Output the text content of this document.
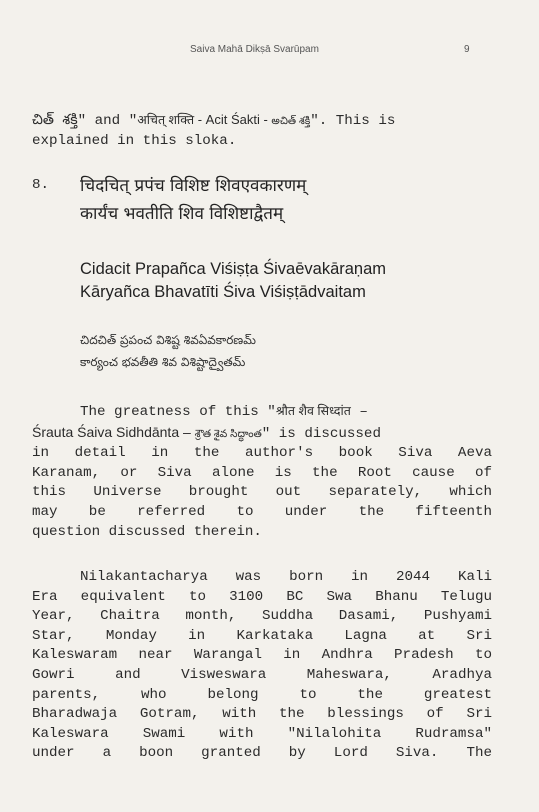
Saiva Mahā Dikṣā Svarūpam	9
చిత్ శక్తి" and "अचित् शक्ति - Acit Śakti - అచిత్ శక్తి". This is
explained in this sloka.
8. चिदचित् प्रपंच विशिष्ट शिवएवकारणम्
कार्यंच भवतीति शिव विशिष्टाद्वैतम्
Cidacit Prapañca Viśiṣṭa Śivaēvakāraṇam
Kāryañca Bhavatīti Śiva Viśiṣṭādvaitam
చిదచిత్ ప్రపంచ విశిష్ట శివఏవకారణమ్
కార్యంచ భవతీతి శివ విశిష్టాద్వైతమ్
The greatness of this "श्रौत शैव सिध्दांत –
Śrauta Śaiva Sidhdānta – శ్రౌత శైవ సిద్ధాంత" is discussed
in detail in the author's book Siva Aeva
Karanam, or Siva alone is the Root cause of
this Universe brought out separately, which
may be referred to under the fifteenth
question discussed therein.
Nilakantacharya was born in 2044 Kali
Era equivalent to 3100 BC Swa Bhanu Telugu
Year, Chaitra month, Suddha Dasami, Pushyami
Star, Monday in Karkataka Lagna at Sri
Kaleswaram near Warangal in Andhra Pradesh to
Gowri and Visweswara Maheswara, Aradhya
parents, who belong to the greatest
Bharadwaja Gotram, with the blessings of Sri
Kaleswara Swami with "Nilalohita Rudramsa"
under a boon granted by Lord Siva. The
